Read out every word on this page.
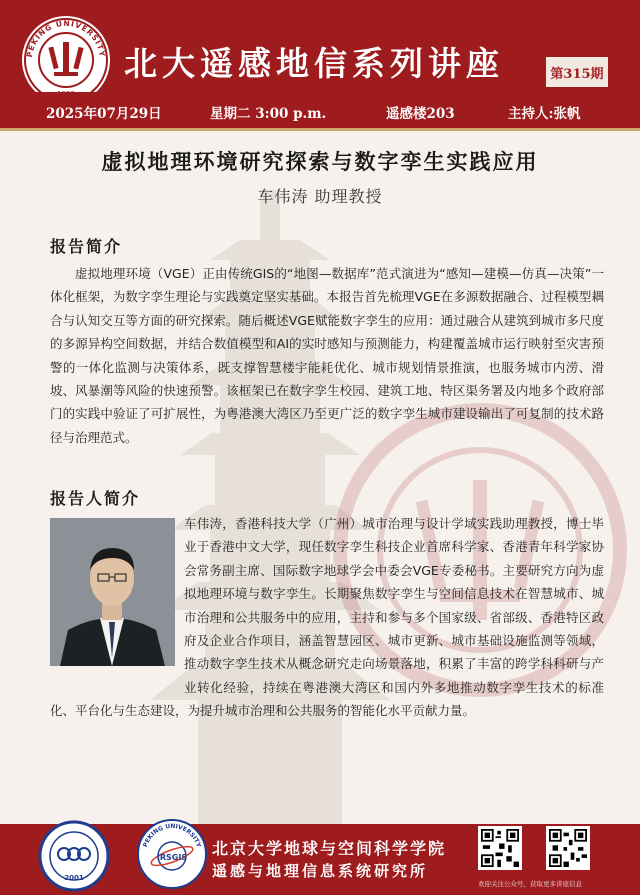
PEKING UNIVERSITY 北大遥感地信系列讲座	第315期
2025年07月29日	星期二 3:00 p.m.	遥感楼203	主持人:张帆
虚拟地理环境研究探索与数字孪生实践应用
车伟涛 助理教授
报告简介
虚拟地理环境（VGE）正由传统GIS的“地图—数据库”范式演进为“感知—建模—仿真—决策”一体化框架，为数字孪生理论与实践奠定坚实基础。本报告首先梳理VGE在多源数据融合、过程模型耦合与认知交互等方面的研究探索。随后概述VGE赋能数字孪生的应用：通过融合从建筑到城市多尺度的多源异构空间数据，并结合数值模型和AI的实时感知与预测能力，构建覆盖城市运行映射至灾害预警的一体化监测与决策体系，既支撑智慧楼宇能耗优化、城市规划情景推演，也服务城市内涝、滑坡、风暴潮等风险的快速预警。该框架已在数字孪生校园、建筑工地、特区渠务署及内地多个政府部门的实践中验证了可扩展性，为粤港澳大湾区乃至更广泛的数字孪生城市建设输出了可复制的技术路径与治理范式。
报告人简介
车伟涛，香港科技大学（广州）城市治理与设计学域实践助理教授，博士毕业于香港中文大学，现任数字孪生科技企业首席科学家、香港青年科学家协会常务副主席、国际数字地球学会中委会VGE专委秘书。主要研究方向为虚拟地理环境与数字孪生。长期聚焦数字孪生与空间信息技术在智慧城市、城市治理和公共服务中的应用，主持和参与多个国家级、省部级、香港特区政府及企业合作项目，涵盖智慧园区、城市更新、城市基础设施监测等领域，推动数字孪生技术从概念研究走向场景落地，积累了丰富的跨学科科研与产业转化经验，持续在粤港澳大湾区和国内外多地推动数字孪生技术的标准化、平台化与生态建设，为提升城市治理和公共服务的智能化水平贡献力量。
2001
PEKING UNIVERSITY
IRSGIS 北京大学地球与空间科学学院
遥感与地理信息系统研究所
欢迎关注公众号，获取更多讲座信息
